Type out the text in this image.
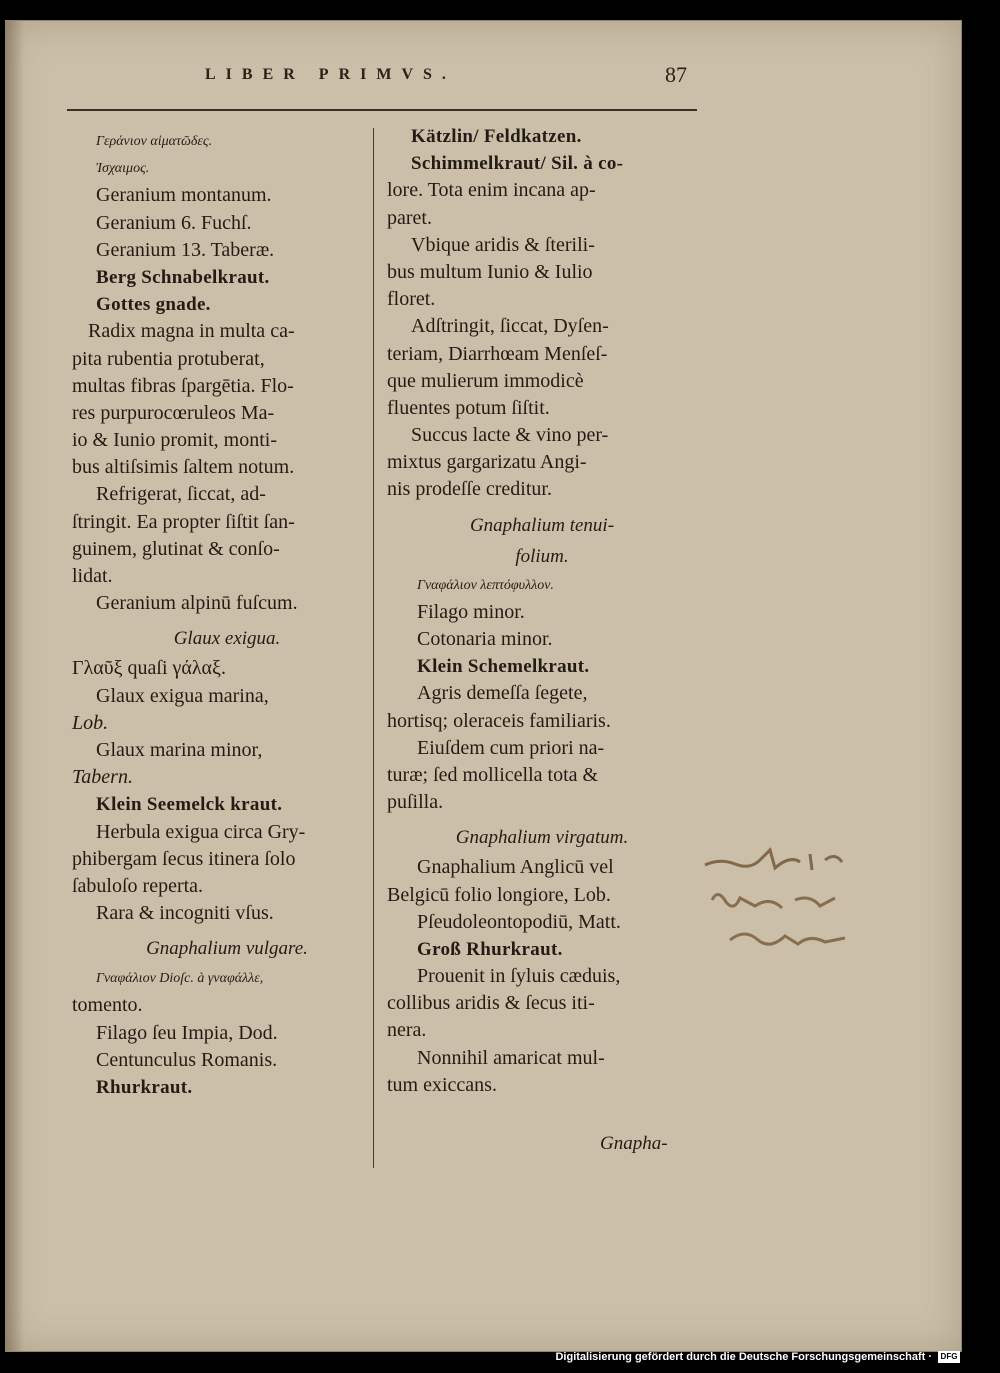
LIBER PRIMVS.	87
Γεράνιον αἱματῶδες.
Ἰσχαιμος.
Geranium montanum.
Geranium 6. Fuchſ.
Geranium 13. Taberæ.
Berg Schnabelkraut.
Gottes gnade.
Radix magna in multa ca-
pita rubentia protuberat,
multas fibras ſpargētia. Flo-
res purpurocœruleos Ma-
io & Iunio promit, monti-
bus altiſsimis ſaltem notum.
Refrigerat, ſiccat, ad-
ſtringit. Ea propter ſiſtit ſan-
guinem, glutinat & conſo-
lidat.
Geranium alpinū fuſcum.
Glaux exigua.
Γλαῦξ quaſi γάλαξ.
Glaux exigua marina,
Lob.
Glaux marina minor,
Tabern.
Klein Seemelck kraut.
Herbula exigua circa Gry-
phibergam ſecus itinera ſolo
ſabuloſo reperta.
Rara & incogniti vſus.
Gnaphalium vulgare.
Γναφάλιον Dioſc. à γναφάλλε,
tomento.
Filago ſeu Impia, Dod.
Centunculus Romanis.
Rhurkraut.
Kätzlin/ Feldkatzen.
Schimmelkraut/ Sil. à co-
lore. Tota enim incana ap-
paret.
Vbique aridis & ſterili-
bus multum Iunio & Iulio
floret.
Adſtringit, ſiccat, Dyſen-
teriam, Diarrhœam Menſeſ-
que mulierum immodicè
fluentes potum ſiſtit.
Succus lacte & vino per-
mixtus gargarizatu Angi-
nis prodeſſe creditur.
Gnaphalium tenui-
folium.
Γναφάλιον λεπτόφυλλον.
Filago minor.
Cotonaria minor.
Klein Schemelkraut.
Agris demeſſa ſegete,
hortisq; oleraceis familiaris.
Eiuſdem cum priori na-
turæ; ſed mollicella tota &
puſilla.
Gnaphalium virgatum.
Gnaphalium Anglicū vel
Belgicū folio longiore, Lob.
Pſeudoleontopodiū, Matt.
Groß Rhurkraut.
Prouenit in ſyluis cæduis,
collibus aridis & ſecus iti-
nera.
Nonnihil amaricat mul-
tum exiccans.
Gnapha-
Digitalisierung gefördert durch die Deutsche Forschungsgemeinschaft ·	DFG
